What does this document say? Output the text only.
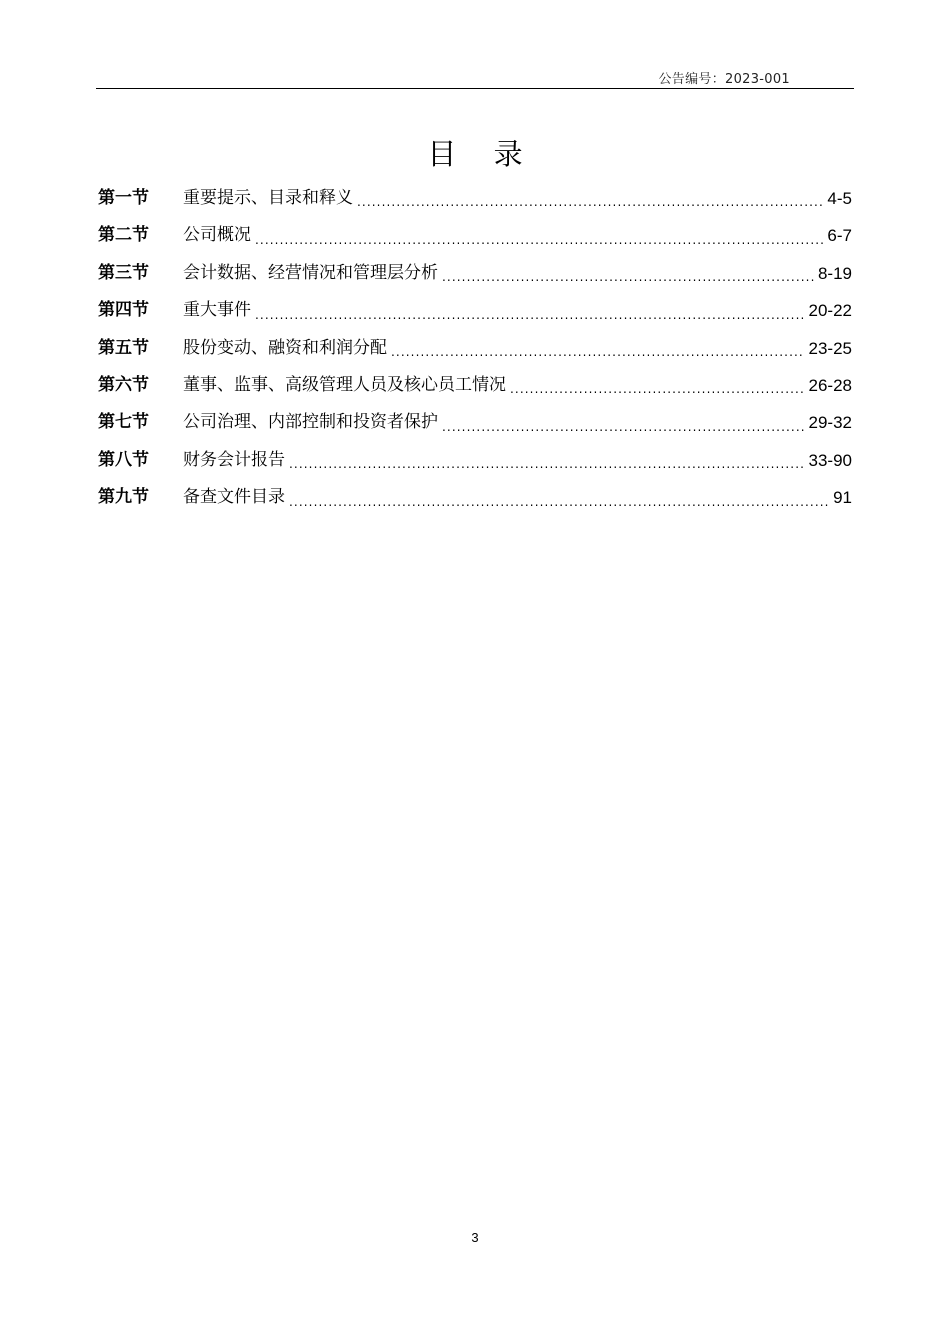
公告编号：2023-001
目 录
第一节	重要提示、目录和释义 .....	4-5
第二节	公司概况 .....	6-7
第三节	会计数据、经营情况和管理层分析 .....	8-19
第四节	重大事件 .....	20-22
第五节	股份变动、融资和利润分配 .....	23-25
第六节	董事、监事、高级管理人员及核心员工情况 .....	26-28
第七节	公司治理、内部控制和投资者保护 .....	29-32
第八节	财务会计报告 .....	33-90
第九节	备查文件目录 .....	91
3
